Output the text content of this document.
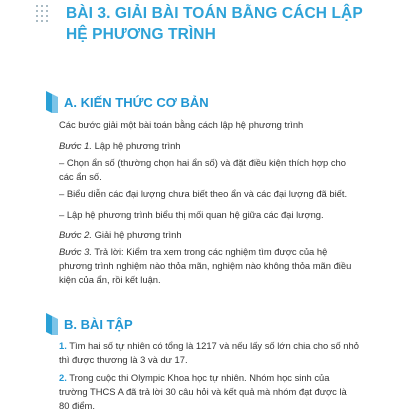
BÀI 3. GIẢI BÀI TOÁN BẰNG CÁCH LẬP HỆ PHƯƠNG TRÌNH
A. KIẾN THỨC CƠ BẢN

Các bước giải một bài toán bằng cách lập hệ phương trình

Bước 1. Lập hệ phương trình

– Chọn ẩn số (thường chọn hai ẩn số) và đặt điều kiện thích hợp cho các ẩn số.

– Biểu diễn các đại lượng chưa biết theo ẩn và các đại lượng đã biết.

– Lập hệ phương trình biểu thị mối quan hệ giữa các đại lượng.

Bước 2. Giải hệ phương trình

Bước 3. Trả lời: Kiểm tra xem trong các nghiệm tìm được của hệ phương trình nghiệm nào thỏa mãn, nghiệm nào không thỏa mãn điều kiện của ẩn, rồi kết luận.

B. BÀI TẬP

1. Tìm hai số tự nhiên có tổng là 1217 và nếu lấy số lớn chia cho số nhỏ thì được thương là 3 và dư 17.

2. Trong cuộc thi Olympic Khoa học tự nhiên. Nhóm học sinh của trường THCS A đã trả lời 30 câu hỏi và kết quả mà nhóm đạt được là 80 điểm.
